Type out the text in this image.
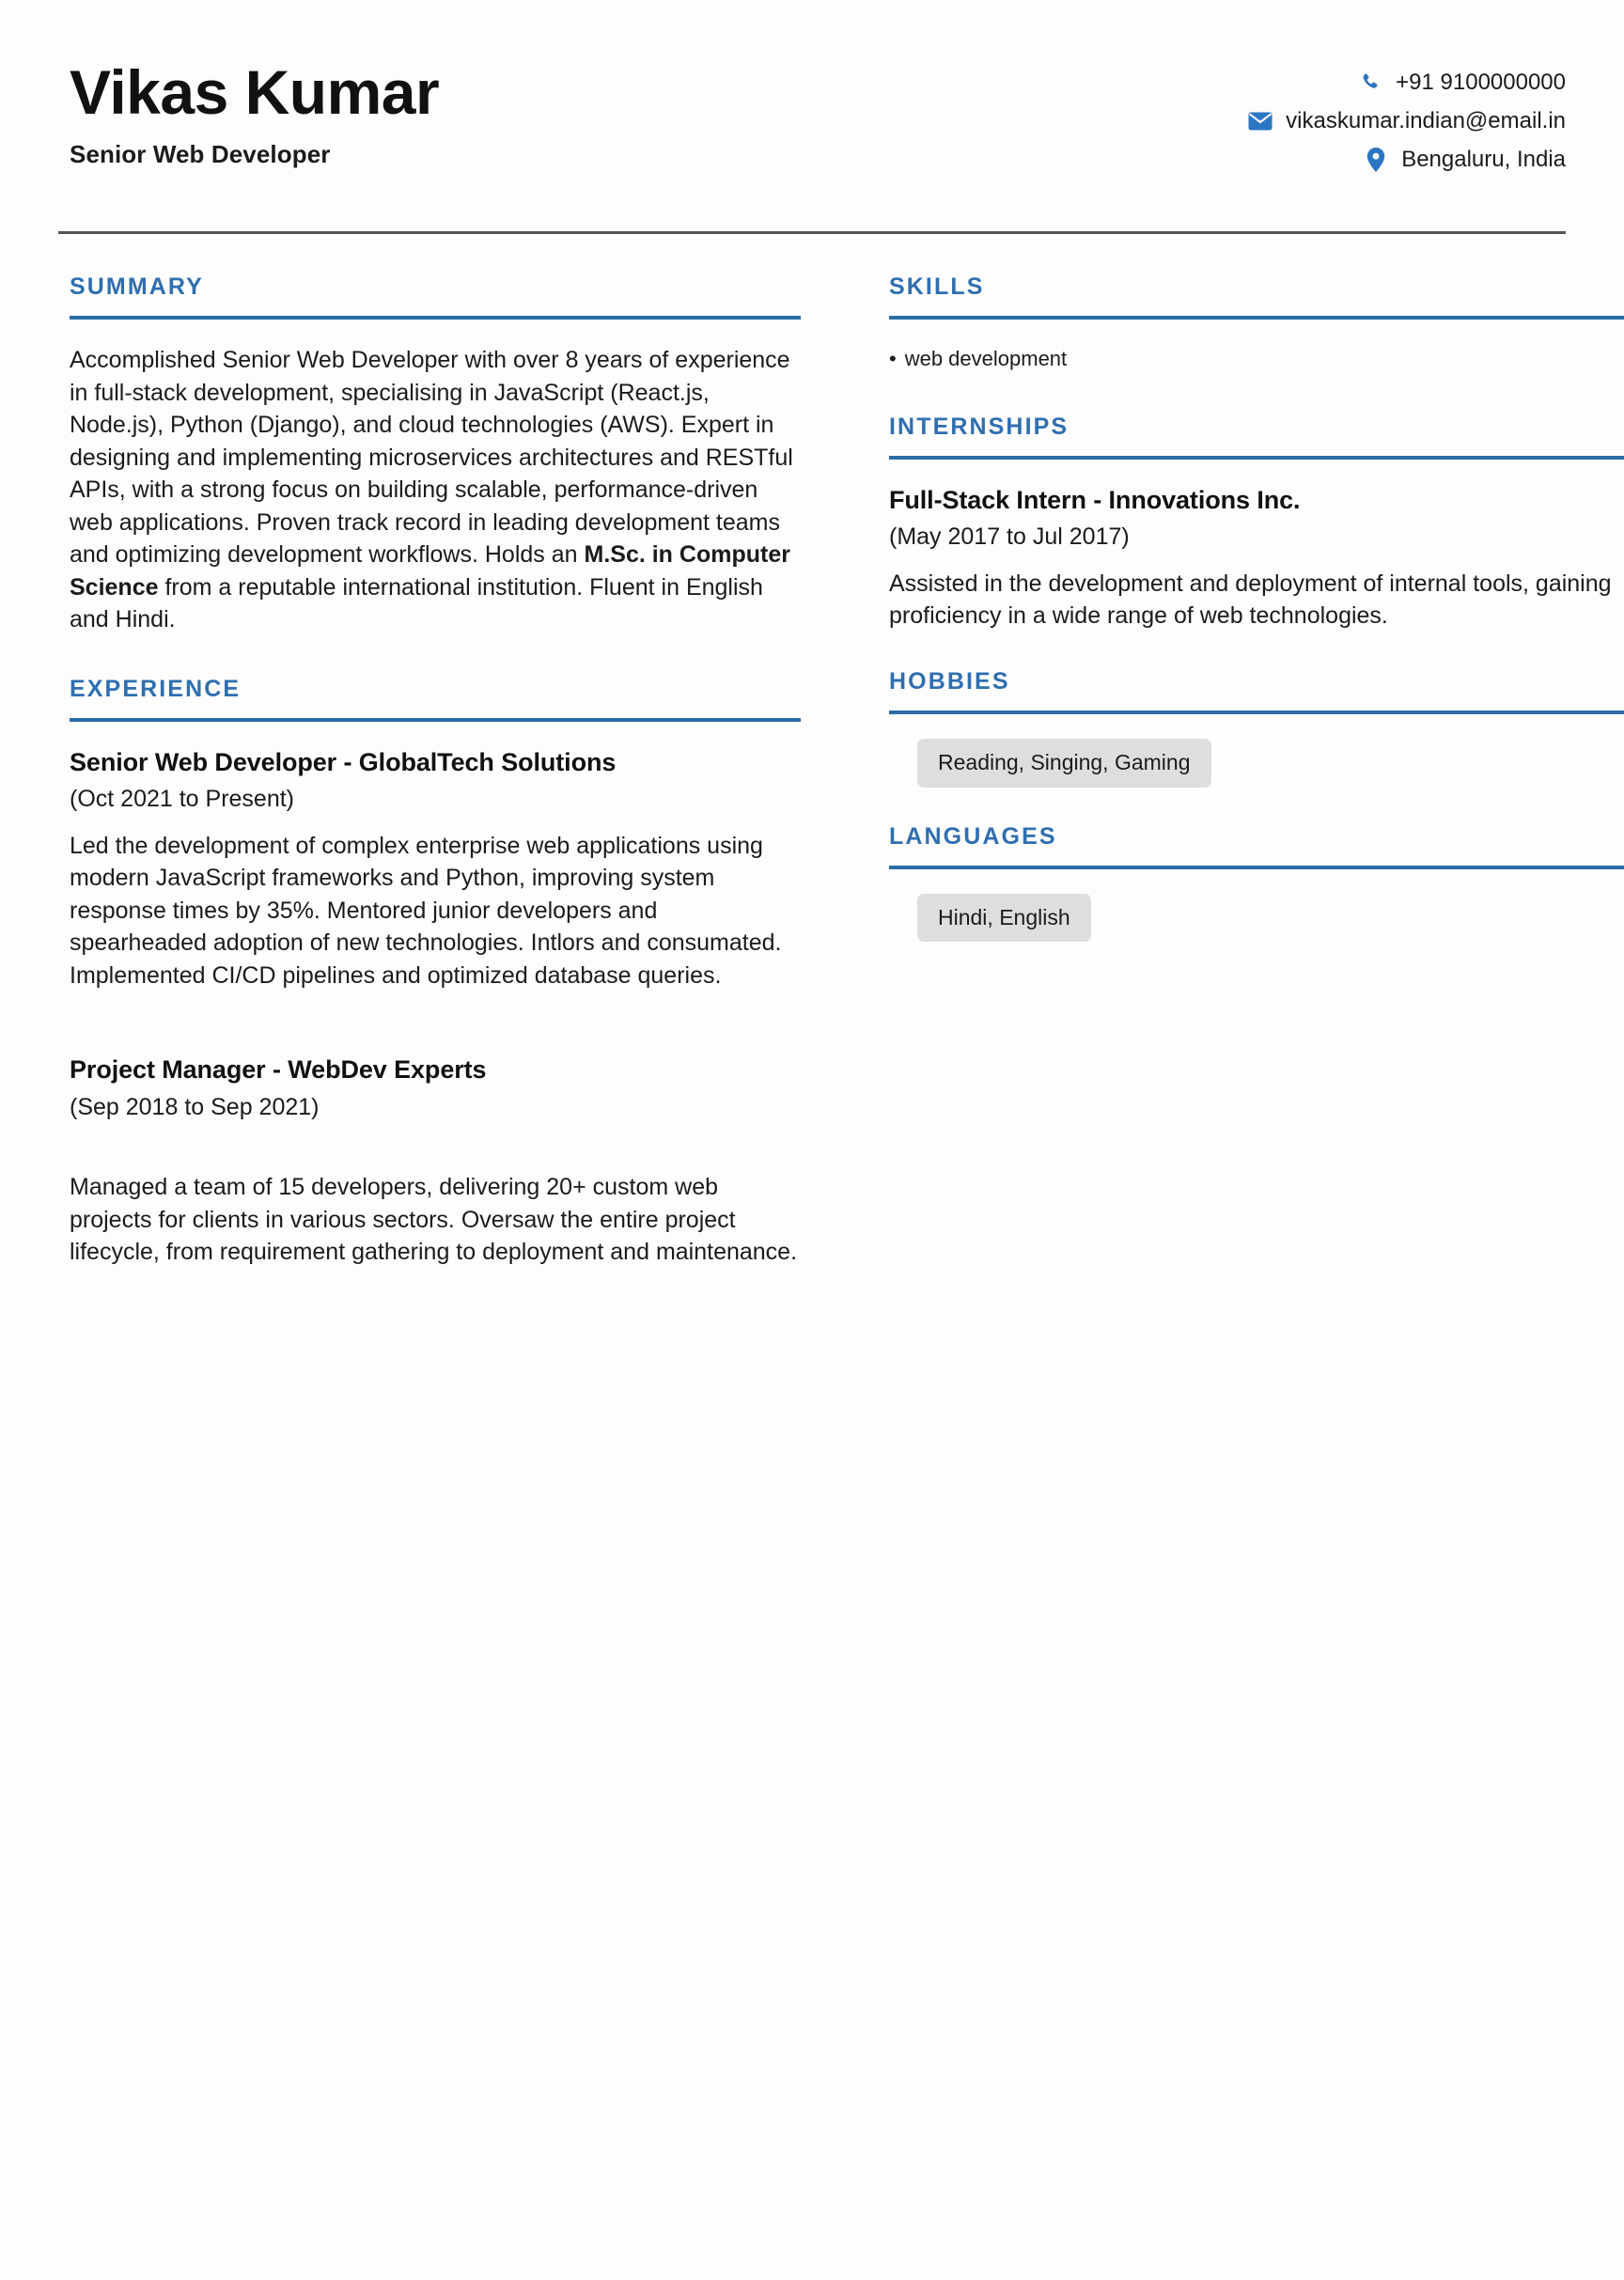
Vikas Kumar
Senior Web Developer
+91 9100000000
vikaskumar.indian@email.in
Bengaluru, India
SUMMARY

Accomplished Senior Web Developer with over 8 years of experience in full-stack development, specialising in JavaScript (React.js, Node.js), Python (Django), and cloud technologies (AWS). Expert in designing and implementing microservices architectures and RESTful APIs, with a strong focus on building scalable, performance-driven web applications. Proven track record in leading development teams and optimizing development workflows. Holds an M.Sc. in Computer Science from a reputable international institution. Fluent in English and Hindi.

EXPERIENCE
Senior Web Developer - GlobalTech Solutions
(Oct 2021 to Present)
Led the development of complex enterprise web applications using modern JavaScript frameworks and Python, improving system response times by 35%. Mentored junior developers and spearheaded adoption of new technologies. Intlors and consumated. Implemented CI/CD pipelines and optimized database queries.
Project Manager - WebDev Experts
(Sep 2018 to Sep 2021)
Managed a team of 15 developers, delivering 20+ custom web projects for clients in various sectors. Oversaw the entire project lifecycle, from requirement gathering to deployment and maintenance.
SKILLS
• web development
INTERNSHIPS
Full-Stack Intern - Innovations Inc.
(May 2017 to Jul 2017)
Assisted in the development and deployment of internal tools, gaining proficiency in a wide range of web technologies.
HOBBIES
Reading, Singing, Gaming
LANGUAGES
Hindi, English
